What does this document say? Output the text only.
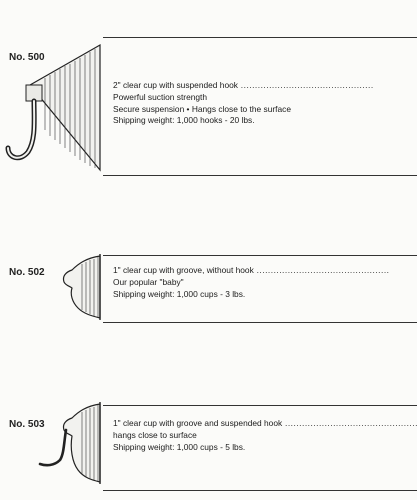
No. 500
2" clear cup with suspended hook .....
Powerful suction strength
Secure suspension • Hangs close to the surface
Shipping weight: 1,000 hooks - 20 lbs.
No. 502	1" clear cup with groove, without hook .....
Our popular "baby"
Shipping weight: 1,000 cups - 3 lbs.
No. 503	1" clear cup with groove and suspended hook .....
hangs close to surface
Shipping weight: 1,000 cups - 5 lbs.
